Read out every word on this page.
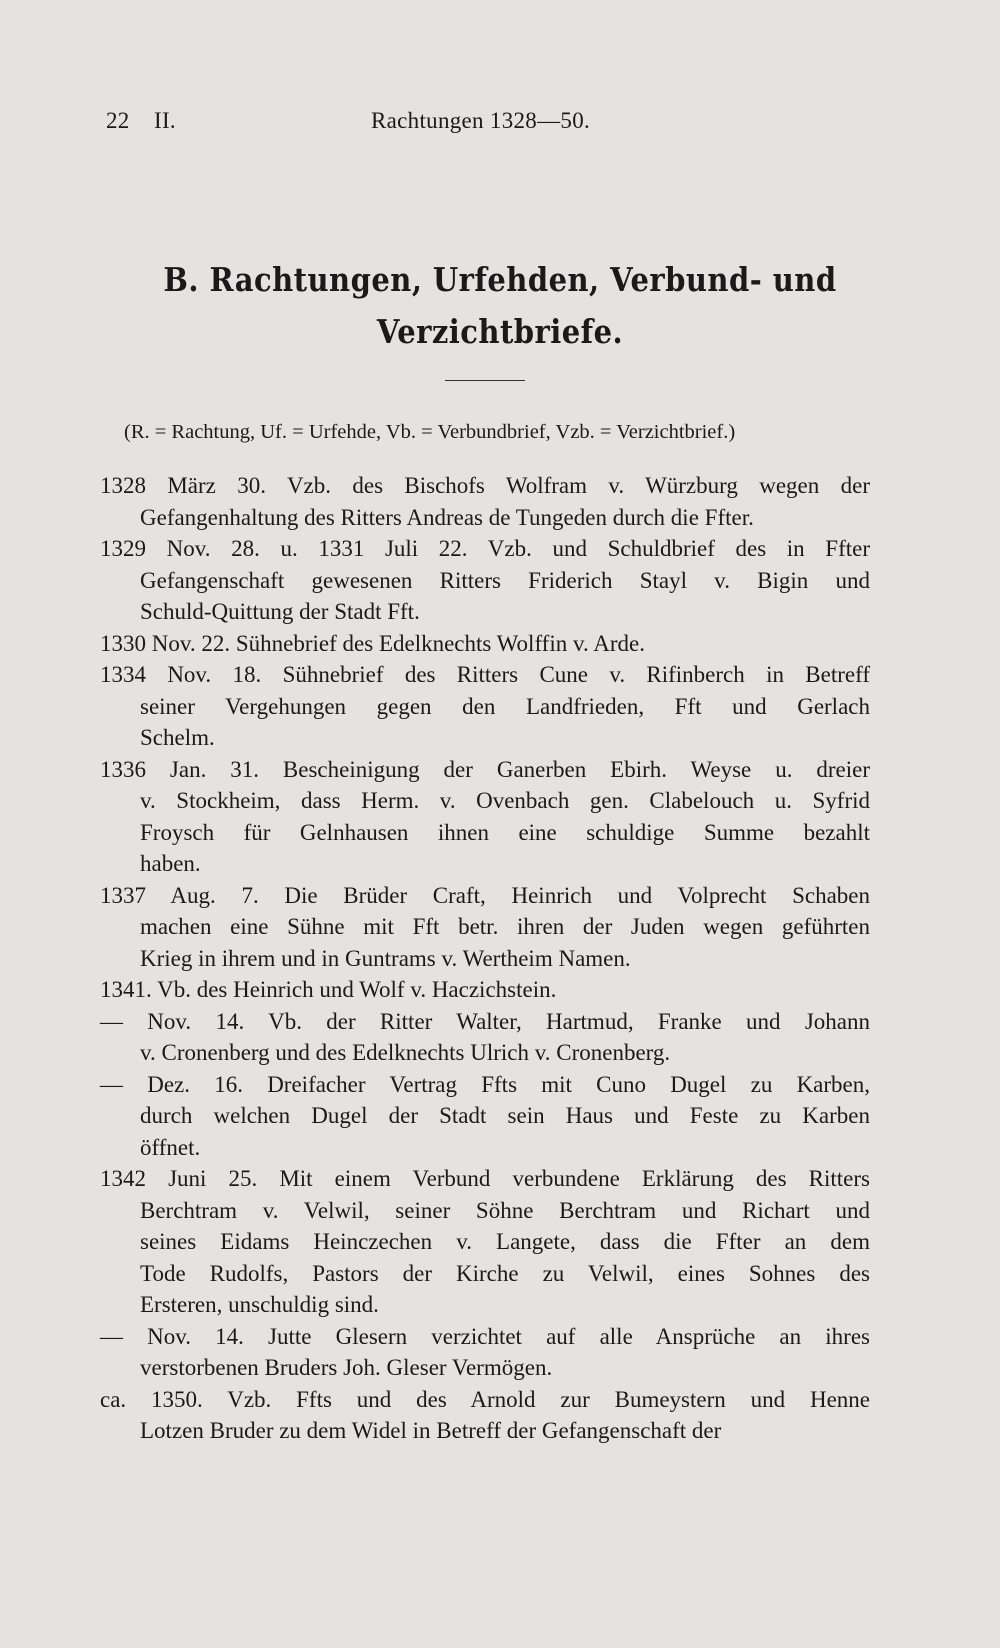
22 II.	Rachtungen 1328—50.
B. Rachtungen, Urfehden, Verbund- und
Verzichtbriefe.
(R. = Rachtung, Uf. = Urfehde, Vb. = Verbundbrief, Vzb. = Verzichtbrief.)
1328 März 30. Vzb. des Bischofs Wolfram v. Würzburg wegen der
Gefangenhaltung des Ritters Andreas de Tungeden durch die Ffter.
1329 Nov. 28. u. 1331 Juli 22. Vzb. und Schuldbrief des in Ffter
Gefangenschaft gewesenen Ritters Friderich Stayl v. Bigin und
Schuld-Quittung der Stadt Fft.
1330 Nov. 22. Sühnebrief des Edelknechts Wolffin v. Arde.
1334 Nov. 18. Sühnebrief des Ritters Cune v. Rifinberch in Betreff
seiner Vergehungen gegen den Landfrieden, Fft und Gerlach
Schelm.
1336 Jan. 31. Bescheinigung der Ganerben Ebirh. Weyse u. dreier
v. Stockheim, dass Herm. v. Ovenbach gen. Clabelouch u. Syfrid
Froysch für Gelnhausen ihnen eine schuldige Summe bezahlt
haben.
1337 Aug. 7. Die Brüder Craft, Heinrich und Volprecht Schaben
machen eine Sühne mit Fft betr. ihren der Juden wegen geführten
Krieg in ihrem und in Guntrams v. Wertheim Namen.
1341. Vb. des Heinrich und Wolf v. Haczichstein.
— Nov. 14. Vb. der Ritter Walter, Hartmud, Franke und Johann
v. Cronenberg und des Edelknechts Ulrich v. Cronenberg.
— Dez. 16. Dreifacher Vertrag Ffts mit Cuno Dugel zu Karben,
durch welchen Dugel der Stadt sein Haus und Feste zu Karben
öffnet.
1342 Juni 25. Mit einem Verbund verbundene Erklärung des Ritters
Berchtram v. Velwil, seiner Söhne Berchtram und Richart und
seines Eidams Heinczechen v. Langete, dass die Ffter an dem
Tode Rudolfs, Pastors der Kirche zu Velwil, eines Sohnes des
Ersteren, unschuldig sind.
— Nov. 14. Jutte Glesern verzichtet auf alle Ansprüche an ihres
verstorbenen Bruders Joh. Gleser Vermögen.
ca. 1350. Vzb. Ffts und des Arnold zur Bumeystern und Henne
Lotzen Bruder zu dem Widel in Betreff der Gefangenschaft der
